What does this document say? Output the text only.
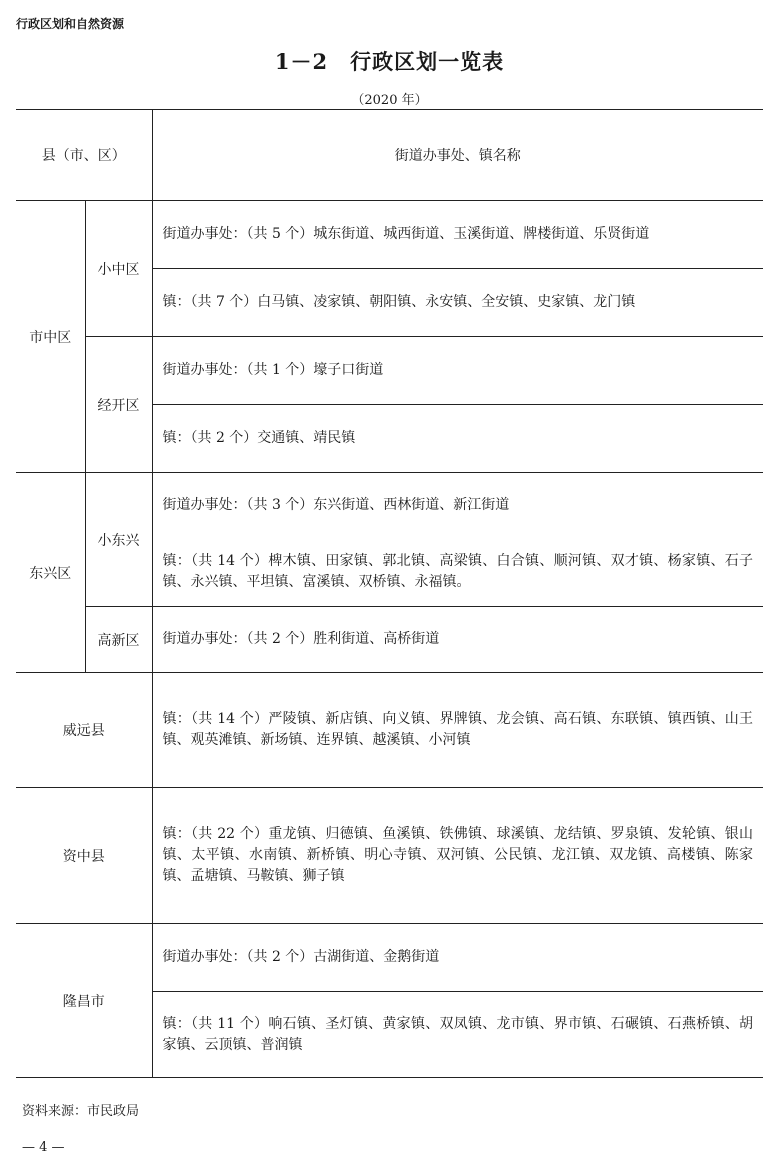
行政区划和自然资源
1－2 行政区划一览表
（2020 年）
县（市、区）		街道办事处、镇名称
市中区	小中区	街道办事处：（共 5 个）城东街道、城西街道、玉溪街道、牌楼街道、乐贤街道
		镇：（共 7 个）白马镇、凌家镇、朝阳镇、永安镇、全安镇、史家镇、龙门镇
	经开区	街道办事处：（共 1 个）壕子口街道
		镇：（共 2 个）交通镇、靖民镇
东兴区	小东兴	街道办事处：（共 3 个）东兴街道、西林街道、新江街道
		镇：（共 14 个）椑木镇、田家镇、郭北镇、高梁镇、白合镇、顺河镇、双才镇、杨家镇、石子镇、永兴镇、平坦镇、富溪镇、双桥镇、永福镇。
	高新区	街道办事处：（共 2 个）胜利街道、高桥街道
威远县		镇：（共 14 个）严陵镇、新店镇、向义镇、界牌镇、龙会镇、高石镇、东联镇、镇西镇、山王镇、观英滩镇、新场镇、连界镇、越溪镇、小河镇
资中县		镇：（共 22 个）重龙镇、归德镇、鱼溪镇、铁佛镇、球溪镇、龙结镇、罗泉镇、发轮镇、银山镇、太平镇、水南镇、新桥镇、明心寺镇、双河镇、公民镇、龙江镇、双龙镇、高楼镇、陈家镇、孟塘镇、马鞍镇、狮子镇
隆昌市		街道办事处：（共 2 个）古湖街道、金鹅街道
		镇：（共 11 个）响石镇、圣灯镇、黄家镇、双凤镇、龙市镇、界市镇、石碾镇、石燕桥镇、胡家镇、云顶镇、普润镇
资料来源：市民政局
— 4 —
